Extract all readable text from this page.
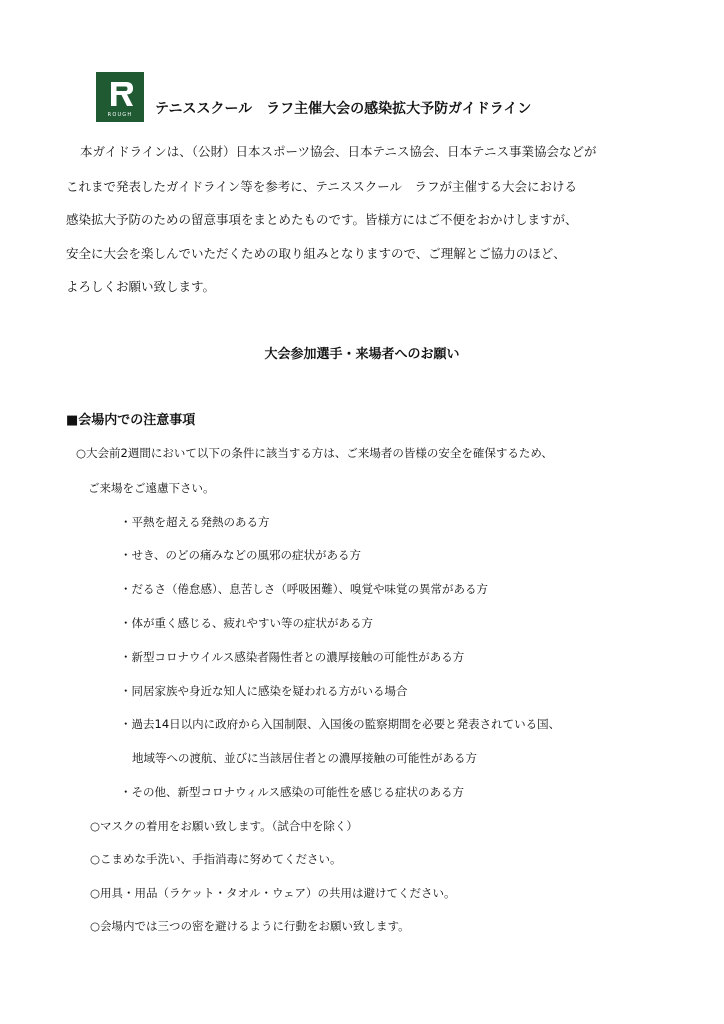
ROUGH	テニススクール　ラフ主催大会の感染拡大予防ガイドライン

本ガイドラインは、（公財）日本スポーツ協会、日本テニス協会、日本テニス事業協会などが

これまで発表したガイドライン等を参考に、テニススクール　ラフが主催する大会における

感染拡大予防のための留意事項をまとめたものです。皆様方にはご不便をおかけしますが、

安全に大会を楽しんでいただくための取り組みとなりますので、ご理解とご協力のほど、

よろしくお願い致します。

大会参加選手・来場者へのお願い
■会場内での注意事項

○大会前2週間において以下の条件に該当する方は、ご来場者の皆様の安全を確保するため、

ご来場をご遠慮下さい。

・平熱を超える発熱のある方

・せき、のどの痛みなどの風邪の症状がある方

・だるさ（倦怠感）、息苦しさ（呼吸困難）、嗅覚や味覚の異常がある方

・体が重く感じる、疲れやすい等の症状がある方

・新型コロナウイルス感染者陽性者との濃厚接触の可能性がある方

・同居家族や身近な知人に感染を疑われる方がいる場合

・過去14日以内に政府から入国制限、入国後の監察期間を必要と発表されている国、

地域等への渡航、並びに当該居住者との濃厚接触の可能性がある方

・その他、新型コロナウィルス感染の可能性を感じる症状のある方

○マスクの着用をお願い致します。（試合中を除く）

○こまめな手洗い、手指消毒に努めてください。

○用具・用品（ラケット・タオル・ウェア）の共用は避けてください。

○会場内では三つの密を避けるように行動をお願い致します。
